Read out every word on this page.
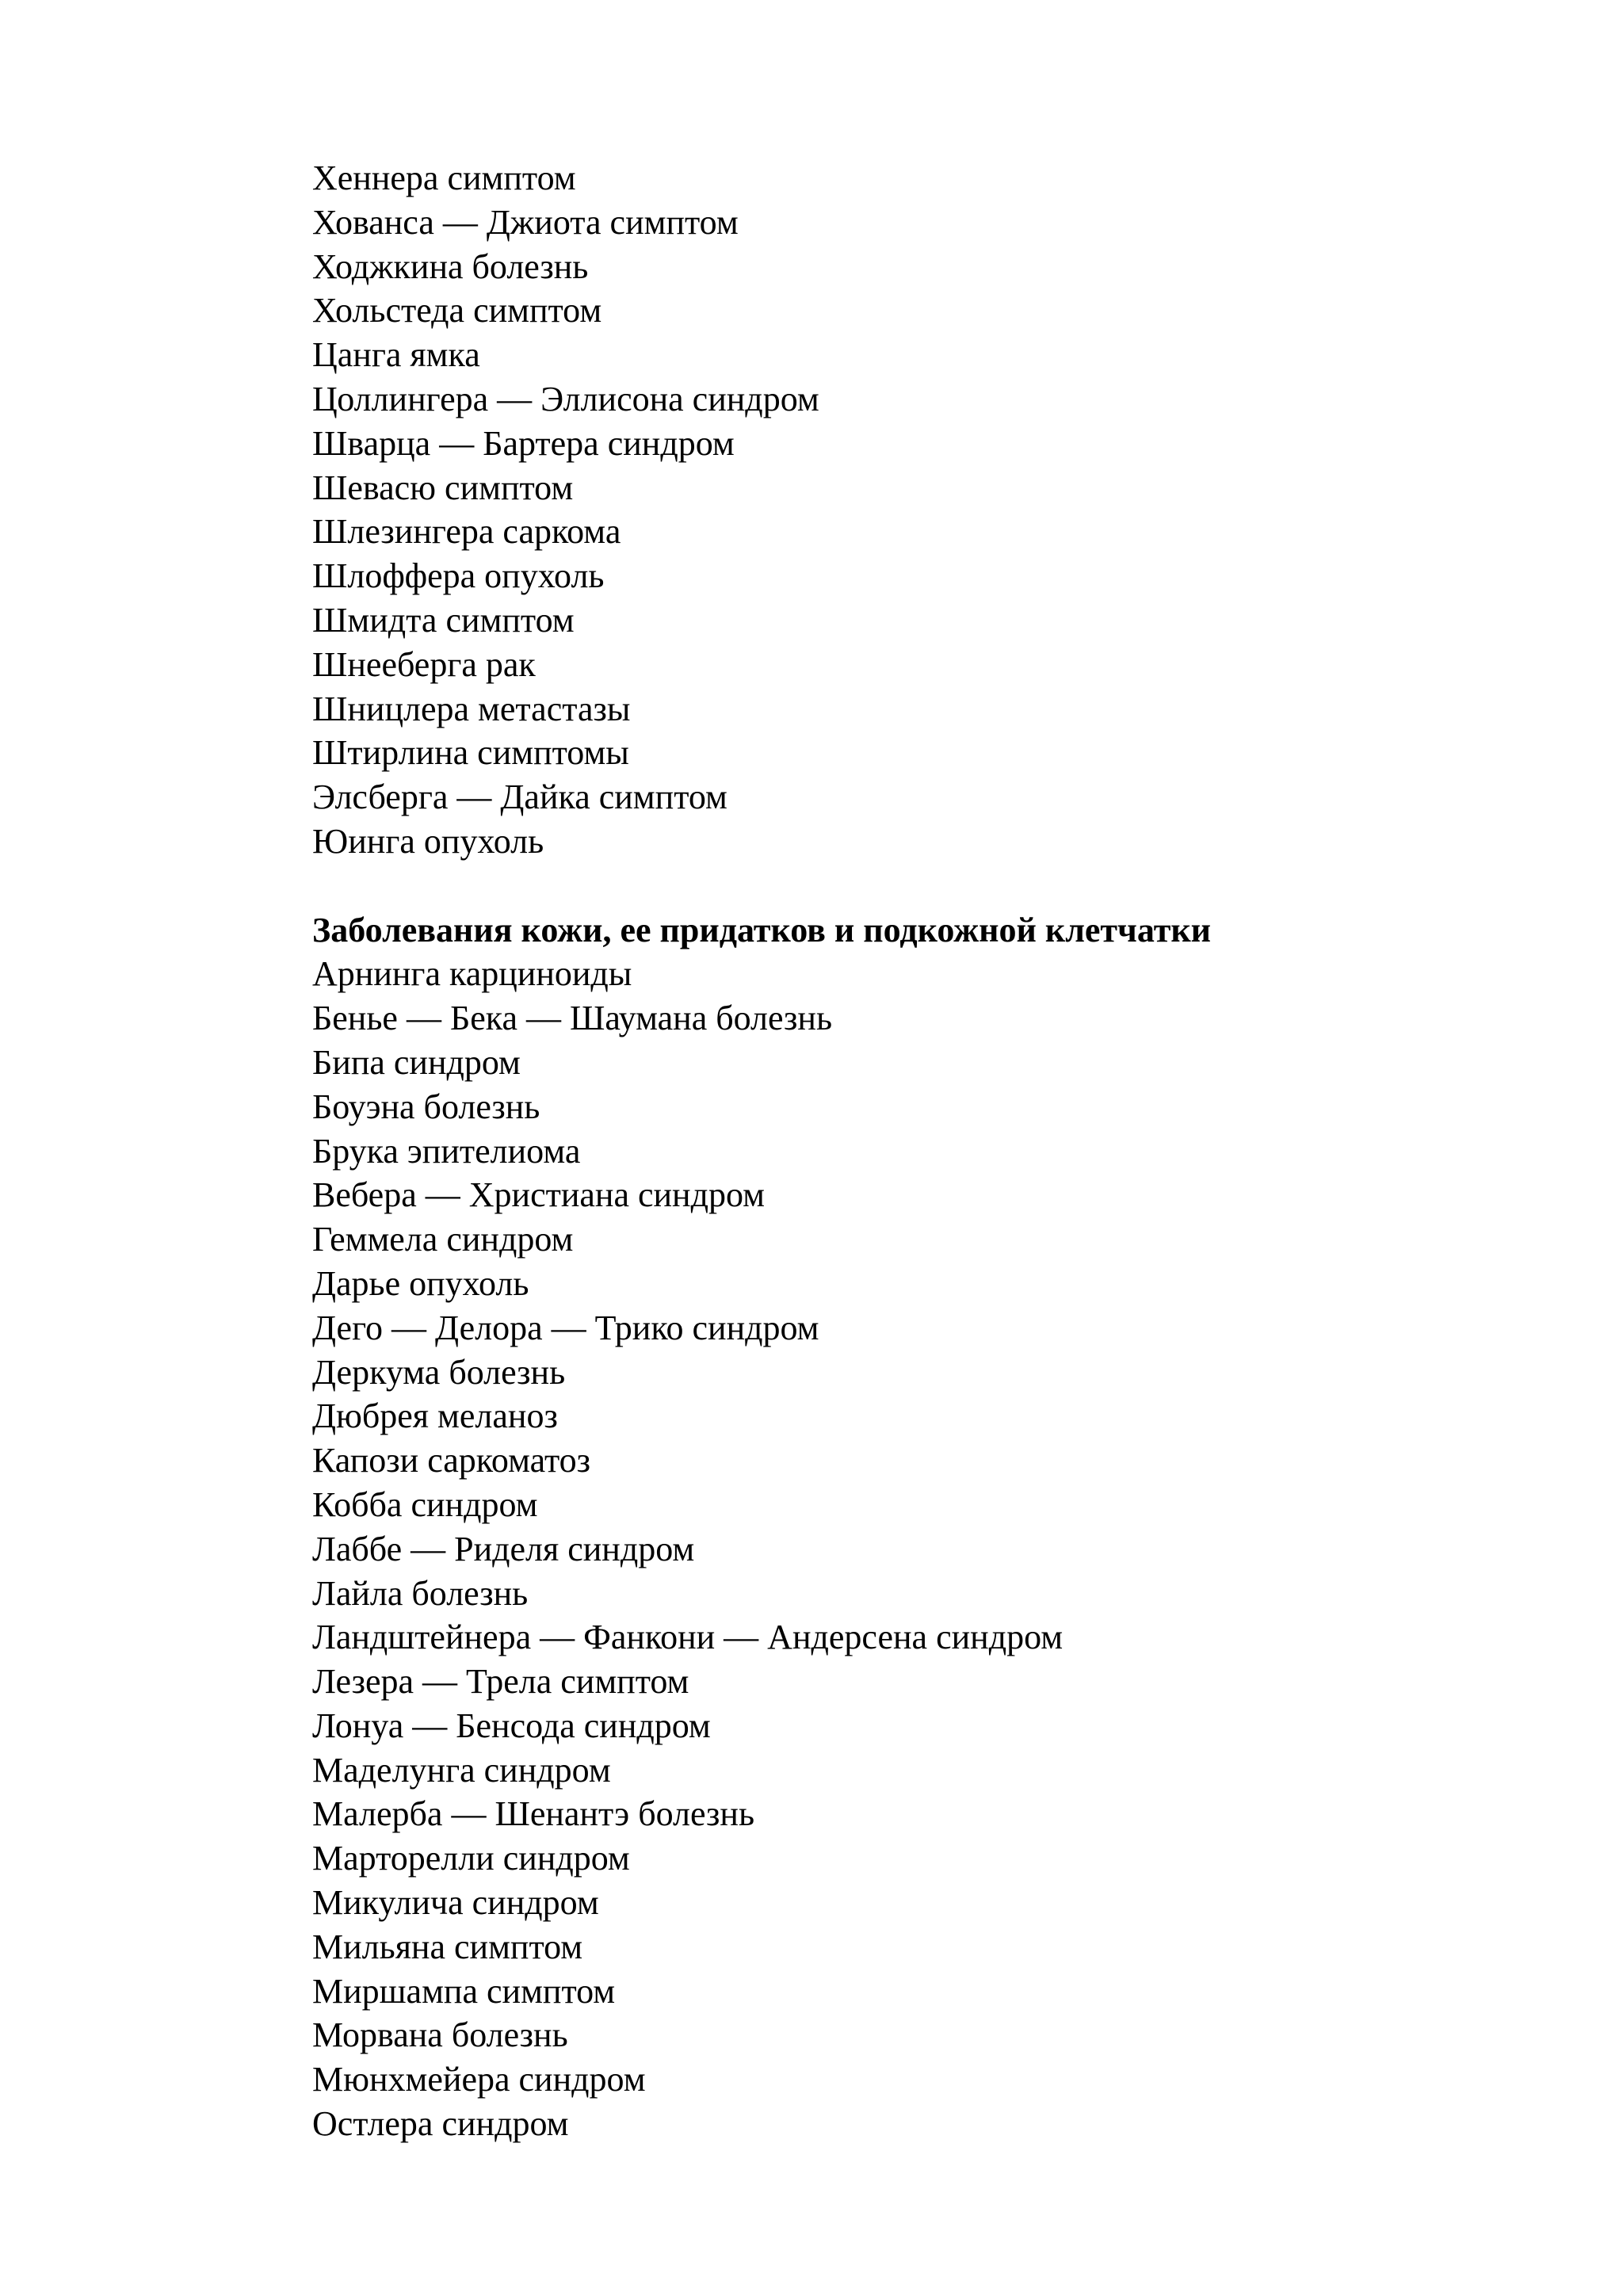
Хеннера симптом
Хованса — Джиота симптом
Ходжкина болезнь
Хольстеда симптом
Цанга ямка
Цоллингера — Эллисона синдром
Шварца — Бартера синдром
Шевасю симптом
Шлезингера саркома
Шлоффера опухоль
Шмидта симптом
Шнееберга рак
Шницлера метастазы
Штирлина симптомы
Элсберга — Дайка симптом
Юинга опухоль
Заболевания кожи, ее придатков и подкожной клетчатки
Арнинга карциноиды
Бенье — Бека — Шаумана болезнь
Бипа синдром
Боуэна болезнь
Брука эпителиома
Вебера — Христиана синдром
Геммела синдром
Дарье опухоль
Дего — Делора — Трико синдром
Деркума болезнь
Дюбрея меланоз
Капози саркоматоз
Кобба синдром
Лаббе — Риделя синдром
Лайла болезнь
Ландштейнера — Фанкони — Андерсена синдром
Лезера — Трела симптом
Лонуа — Бенсода синдром
Маделунга синдром
Малерба — Шенантэ болезнь
Марторелли синдром
Микулича синдром
Мильяна симптом
Миршампа симптом
Морвана болезнь
Мюнхмейера синдром
Остлера синдром
